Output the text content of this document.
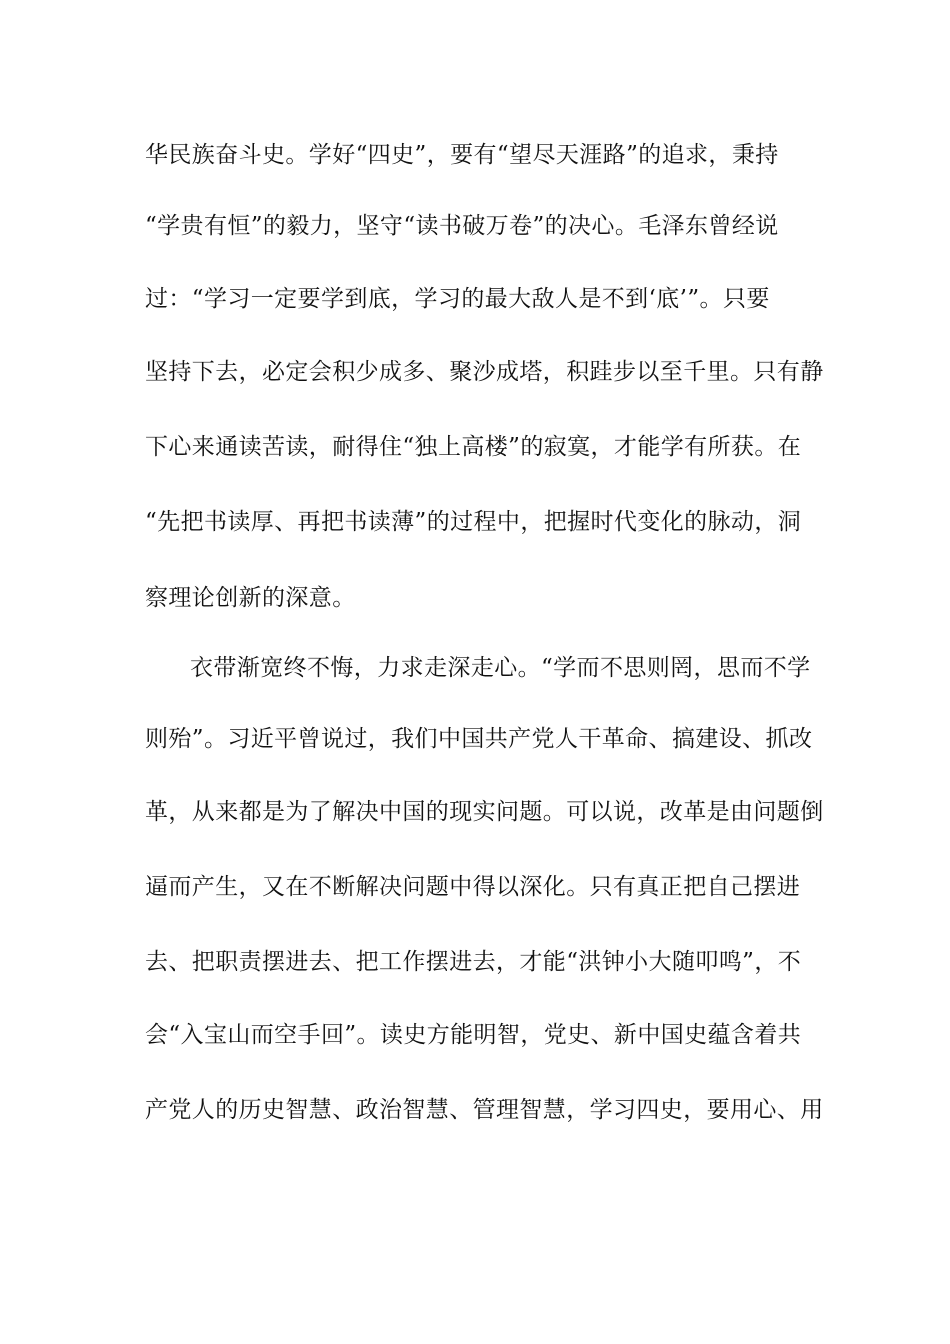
华民族奋斗史。学好“四史”，要有“望尽天涯路”的追求，秉持
“学贵有恒”的毅力，坚守“读书破万卷”的决心。毛泽东曾经说
过：“学习一定要学到底，学习的最大敌人是不到‘底’”。只要
坚持下去，必定会积少成多、聚沙成塔，积跬步以至千里。只有静
下心来通读苦读，耐得住“独上高楼”的寂寞，才能学有所获。在
“先把书读厚、再把书读薄”的过程中，把握时代变化的脉动，洞
察理论创新的深意。
衣带渐宽终不悔，力求走深走心。“学而不思则罔，思而不学
则殆”。习近平曾说过，我们中国共产党人干革命、搞建设、抓改
革，从来都是为了解决中国的现实问题。可以说，改革是由问题倒
逼而产生，又在不断解决问题中得以深化。只有真正把自己摆进
去、把职责摆进去、把工作摆进去，才能“洪钟小大随叩鸣”，不
会“入宝山而空手回”。读史方能明智，党史、新中国史蕴含着共
产党人的历史智慧、政治智慧、管理智慧，学习四史，要用心、用
